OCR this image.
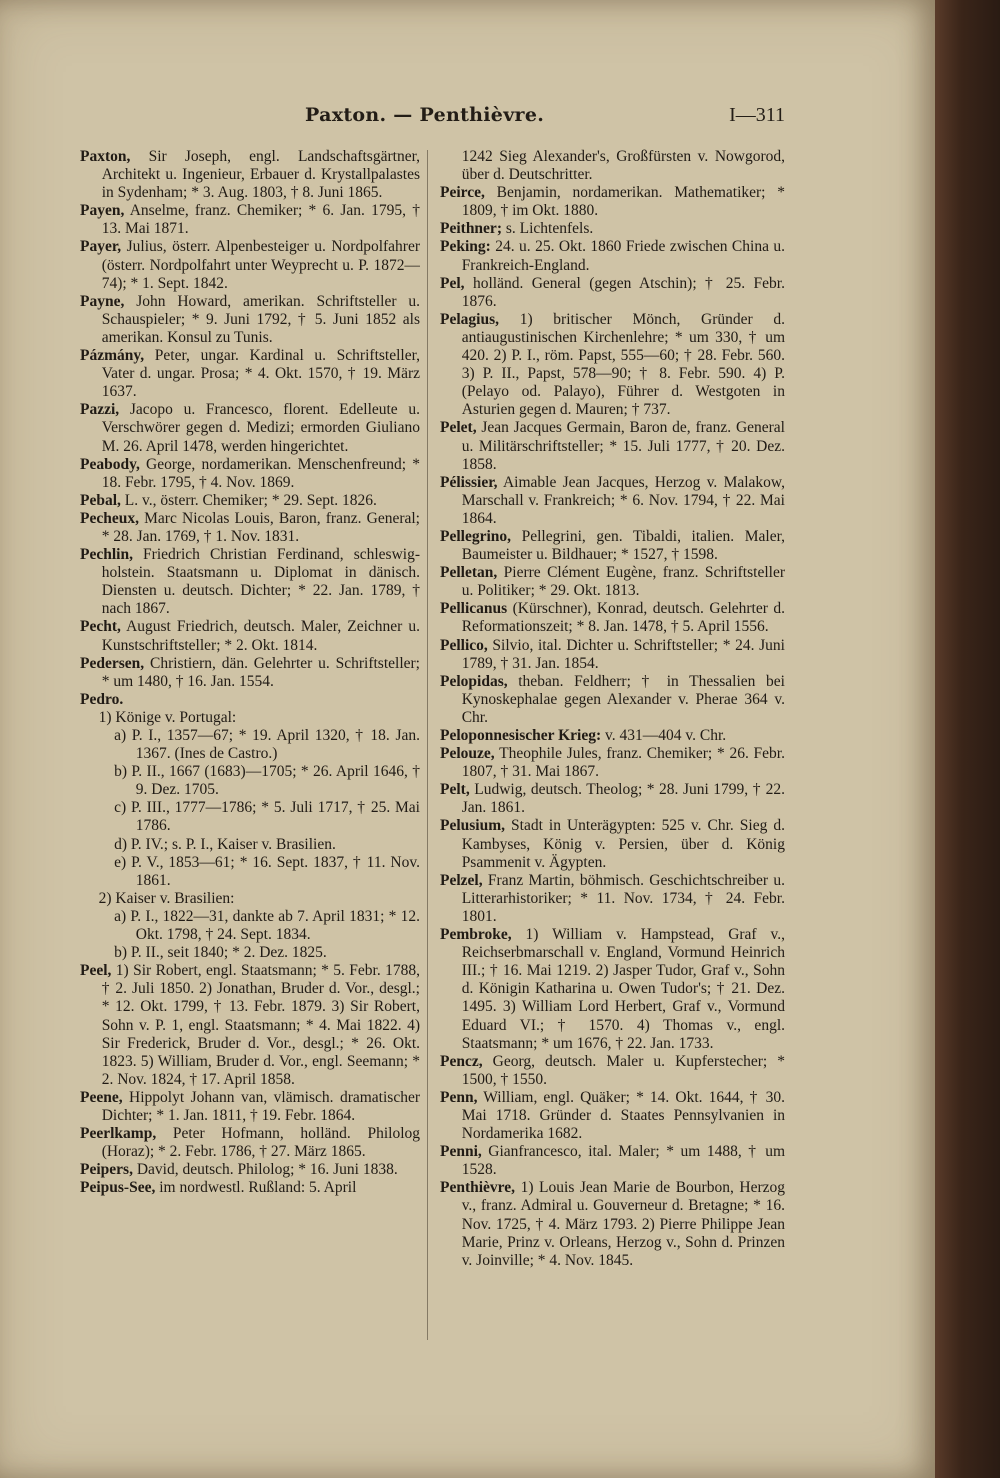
Paxton. — Penthièvre.	I—311

Paxton, Sir Joseph, engl. Landschaftsgärtner, Architekt u. Ingenieur, Erbauer d. Krystallpalastes in Sydenham; * 3. Aug. 1803, † 8. Juni 1865.

Payen, Anselme, franz. Chemiker; * 6. Jan. 1795, † 13. Mai 1871.

Payer, Julius, österr. Alpenbesteiger u. Nordpolfahrer (österr. Nordpolfahrt unter Weyprecht u. P. 1872—74); * 1. Sept. 1842.

Payne, John Howard, amerikan. Schriftsteller u. Schauspieler; * 9. Juni 1792, † 5. Juni 1852 als amerikan. Konsul zu Tunis.

Pázmány, Peter, ungar. Kardinal u. Schriftsteller, Vater d. ungar. Prosa; * 4. Okt. 1570, † 19. März 1637.

Pazzi, Jacopo u. Francesco, florent. Edelleute u. Verschwörer gegen d. Medizi; ermorden Giuliano M. 26. April 1478, werden hingerichtet.

Peabody, George, nordamerikan. Menschenfreund; * 18. Febr. 1795, † 4. Nov. 1869.

Pebal, L. v., österr. Chemiker; * 29. Sept. 1826.

Pecheux, Marc Nicolas Louis, Baron, franz. General; * 28. Jan. 1769, † 1. Nov. 1831.

Pechlin, Friedrich Christian Ferdinand, schleswig-holstein. Staatsmann u. Diplomat in dänisch. Diensten u. deutsch. Dichter; * 22. Jan. 1789, † nach 1867.

Pecht, August Friedrich, deutsch. Maler, Zeichner u. Kunstschriftsteller; * 2. Okt. 1814.

Pedersen, Christiern, dän. Gelehrter u. Schriftsteller; * um 1480, † 16. Jan. 1554.

Pedro.

1) Könige v. Portugal:

a) P. I., 1357—67; * 19. April 1320, † 18. Jan. 1367. (Ines de Castro.)

b) P. II., 1667 (1683)—1705; * 26. April 1646, † 9. Dez. 1705.

c) P. III., 1777—1786; * 5. Juli 1717, † 25. Mai 1786.

d) P. IV.; s. P. I., Kaiser v. Brasilien.

e) P. V., 1853—61; * 16. Sept. 1837, † 11. Nov. 1861.

2) Kaiser v. Brasilien:

a) P. I., 1822—31, dankte ab 7. April 1831; * 12. Okt. 1798, † 24. Sept. 1834.

b) P. II., seit 1840; * 2. Dez. 1825.

Peel, 1) Sir Robert, engl. Staatsmann; * 5. Febr. 1788, † 2. Juli 1850. 2) Jonathan, Bruder d. Vor., desgl.; * 12. Okt. 1799, † 13. Febr. 1879. 3) Sir Robert, Sohn v. P. 1, engl. Staatsmann; * 4. Mai 1822. 4) Sir Frederick, Bruder d. Vor., desgl.; * 26. Okt. 1823. 5) William, Bruder d. Vor., engl. Seemann; * 2. Nov. 1824, † 17. April 1858.

Peene, Hippolyt Johann van, vlämisch. dramatischer Dichter; * 1. Jan. 1811, † 19. Febr. 1864.

Peerlkamp, Peter Hofmann, holländ. Philolog (Horaz); * 2. Febr. 1786, † 27. März 1865.

Peipers, David, deutsch. Philolog; * 16. Juni 1838.

Peipus-See, im nordwestl. Rußland: 5. April

1242 Sieg Alexander's, Großfürsten v. Nowgorod, über d. Deutschritter.

Peirce, Benjamin, nordamerikan. Mathematiker; * 1809, † im Okt. 1880.

Peithner; s. Lichtenfels.

Peking: 24. u. 25. Okt. 1860 Friede zwischen China u. Frankreich-England.

Pel, holländ. General (gegen Atschin); † 25. Febr. 1876.

Pelagius, 1) britischer Mönch, Gründer d. antiaugustinischen Kirchenlehre; * um 330, † um 420. 2) P. I., röm. Papst, 555—60; † 28. Febr. 560. 3) P. II., Papst, 578—90; † 8. Febr. 590. 4) P. (Pelayo od. Palayo), Führer d. Westgoten in Asturien gegen d. Mauren; † 737.

Pelet, Jean Jacques Germain, Baron de, franz. General u. Militärschriftsteller; * 15. Juli 1777, † 20. Dez. 1858.

Pélissier, Aimable Jean Jacques, Herzog v. Malakow, Marschall v. Frankreich; * 6. Nov. 1794, † 22. Mai 1864.

Pellegrino, Pellegrini, gen. Tibaldi, italien. Maler, Baumeister u. Bildhauer; * 1527, † 1598.

Pelletan, Pierre Clément Eugène, franz. Schriftsteller u. Politiker; * 29. Okt. 1813.

Pellicanus (Kürschner), Konrad, deutsch. Gelehrter d. Reformationszeit; * 8. Jan. 1478, † 5. April 1556.

Pellico, Silvio, ital. Dichter u. Schriftsteller; * 24. Juni 1789, † 31. Jan. 1854.

Pelopidas, theban. Feldherr; † in Thessalien bei Kynoskephalae gegen Alexander v. Pherae 364 v. Chr.

Peloponnesischer Krieg: v. 431—404 v. Chr.

Pelouze, Theophile Jules, franz. Chemiker; * 26. Febr. 1807, † 31. Mai 1867.

Pelt, Ludwig, deutsch. Theolog; * 28. Juni 1799, † 22. Jan. 1861.

Pelusium, Stadt in Unterägypten: 525 v. Chr. Sieg d. Kambyses, König v. Persien, über d. König Psammenit v. Ägypten.

Pelzel, Franz Martin, böhmisch. Geschichtschreiber u. Litterarhistoriker; * 11. Nov. 1734, † 24. Febr. 1801.

Pembroke, 1) William v. Hampstead, Graf v., Reichserbmarschall v. England, Vormund Heinrich III.; † 16. Mai 1219. 2) Jasper Tudor, Graf v., Sohn d. Königin Katharina u. Owen Tudor's; † 21. Dez. 1495. 3) William Lord Herbert, Graf v., Vormund Eduard VI.; † 1570. 4) Thomas v., engl. Staatsmann; * um 1676, † 22. Jan. 1733.

Pencz, Georg, deutsch. Maler u. Kupferstecher; * 1500, † 1550.

Penn, William, engl. Quäker; * 14. Okt. 1644, † 30. Mai 1718. Gründer d. Staates Pennsylvanien in Nordamerika 1682.

Penni, Gianfrancesco, ital. Maler; * um 1488, † um 1528.

Penthièvre, 1) Louis Jean Marie de Bourbon, Herzog v., franz. Admiral u. Gouverneur d. Bretagne; * 16. Nov. 1725, † 4. März 1793. 2) Pierre Philippe Jean Marie, Prinz v. Orleans, Herzog v., Sohn d. Prinzen v. Joinville; * 4. Nov. 1845.
